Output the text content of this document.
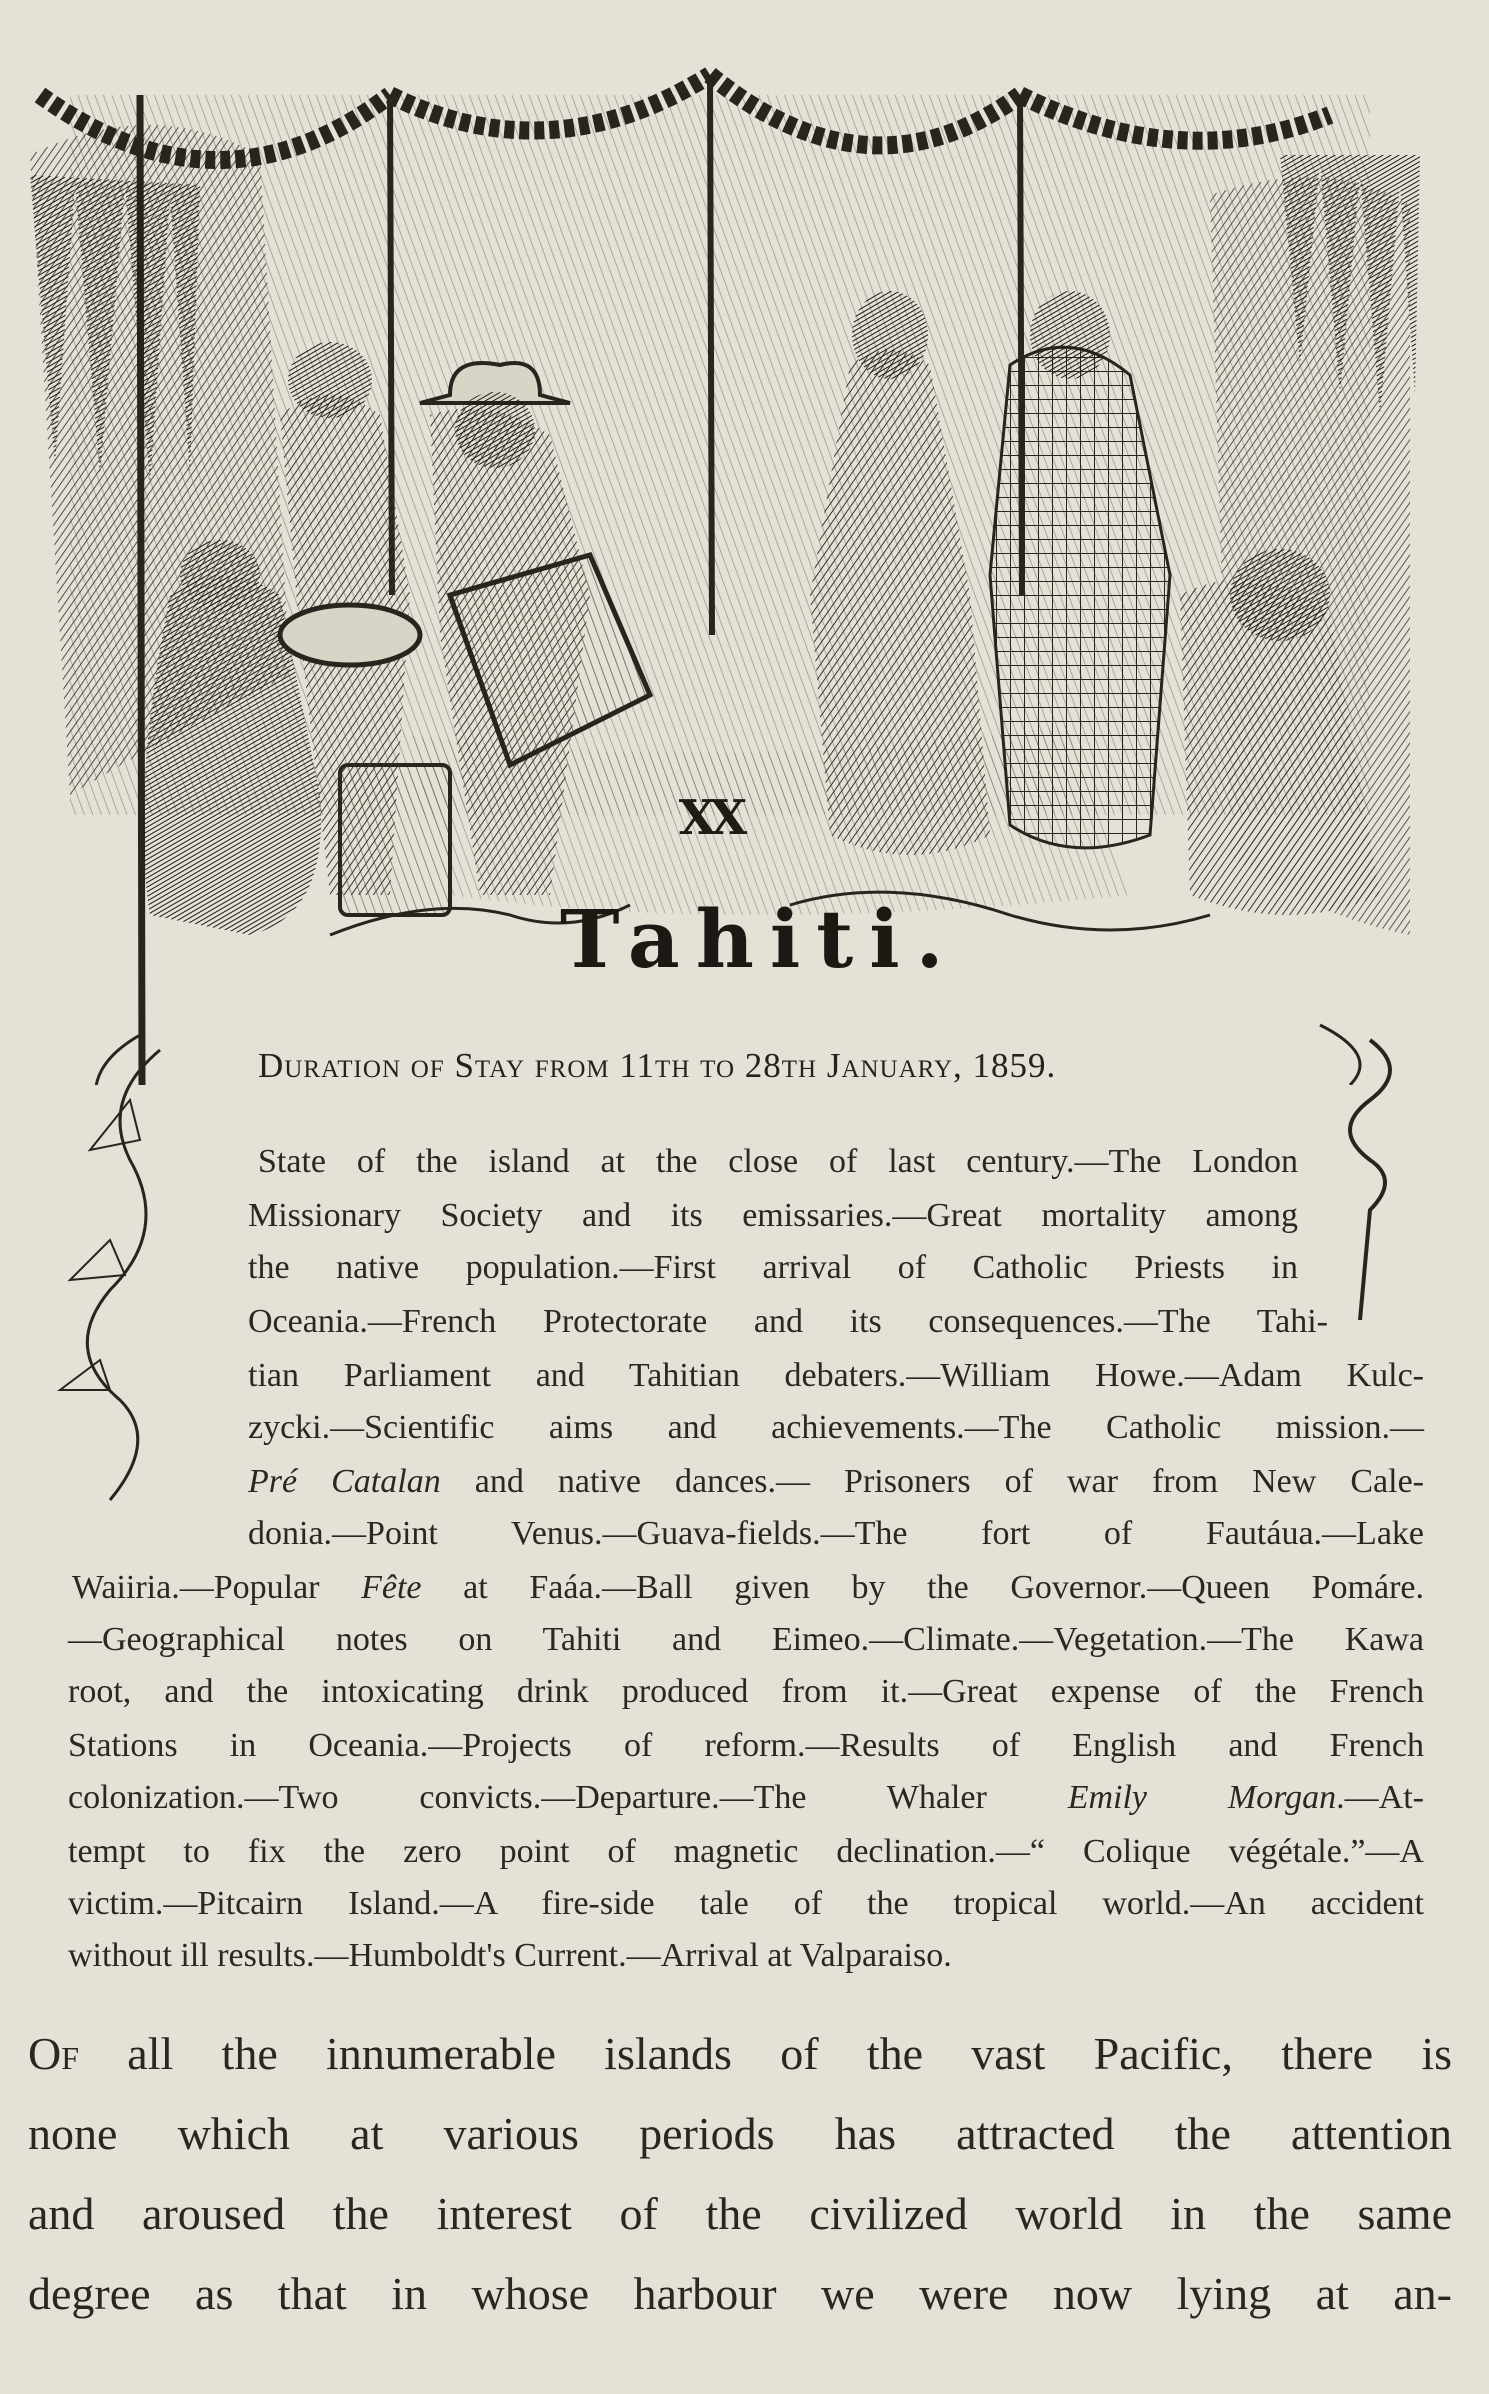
XX
Tahiti.
Duration of Stay from 11th to 28th January, 1859.
State of the island at the close of last century.—The London
Missionary Society and its emissaries.—Great mortality among
the native population.—First arrival of Catholic Priests in
Oceania.—French Protectorate and its consequences.—The Tahi-
tian Parliament and Tahitian debaters.—William Howe.—Adam Kulc-
zycki.—Scientific aims and achievements.—The Catholic mission.—
Pré Catalan and native dances.— Prisoners of war from New Cale-
donia.—Point Venus.—Guava-fields.—The fort of Fautáua.—Lake
Waiiria.—Popular Fête at Faáa.—Ball given by the Governor.—Queen Pomáre.
—Geographical notes on Tahiti and Eimeo.—Climate.—Vegetation.—The Kawa
root, and the intoxicating drink produced from it.—Great expense of the French
Stations in Oceania.—Projects of reform.—Results of English and French
colonization.—Two convicts.—Departure.—The Whaler Emily Morgan.—At-
tempt to fix the zero point of magnetic declination.—“ Colique végétale.”—A
victim.—Pitcairn Island.—A fire-side tale of the tropical world.—An accident
without ill results.—Humboldt's Current.—Arrival at Valparaiso.
Of all the innumerable islands of the vast Pacific, there is
none which at various periods has attracted the attention
and aroused the interest of the civilized world in the same
degree as that in whose harbour we were now lying at an-
